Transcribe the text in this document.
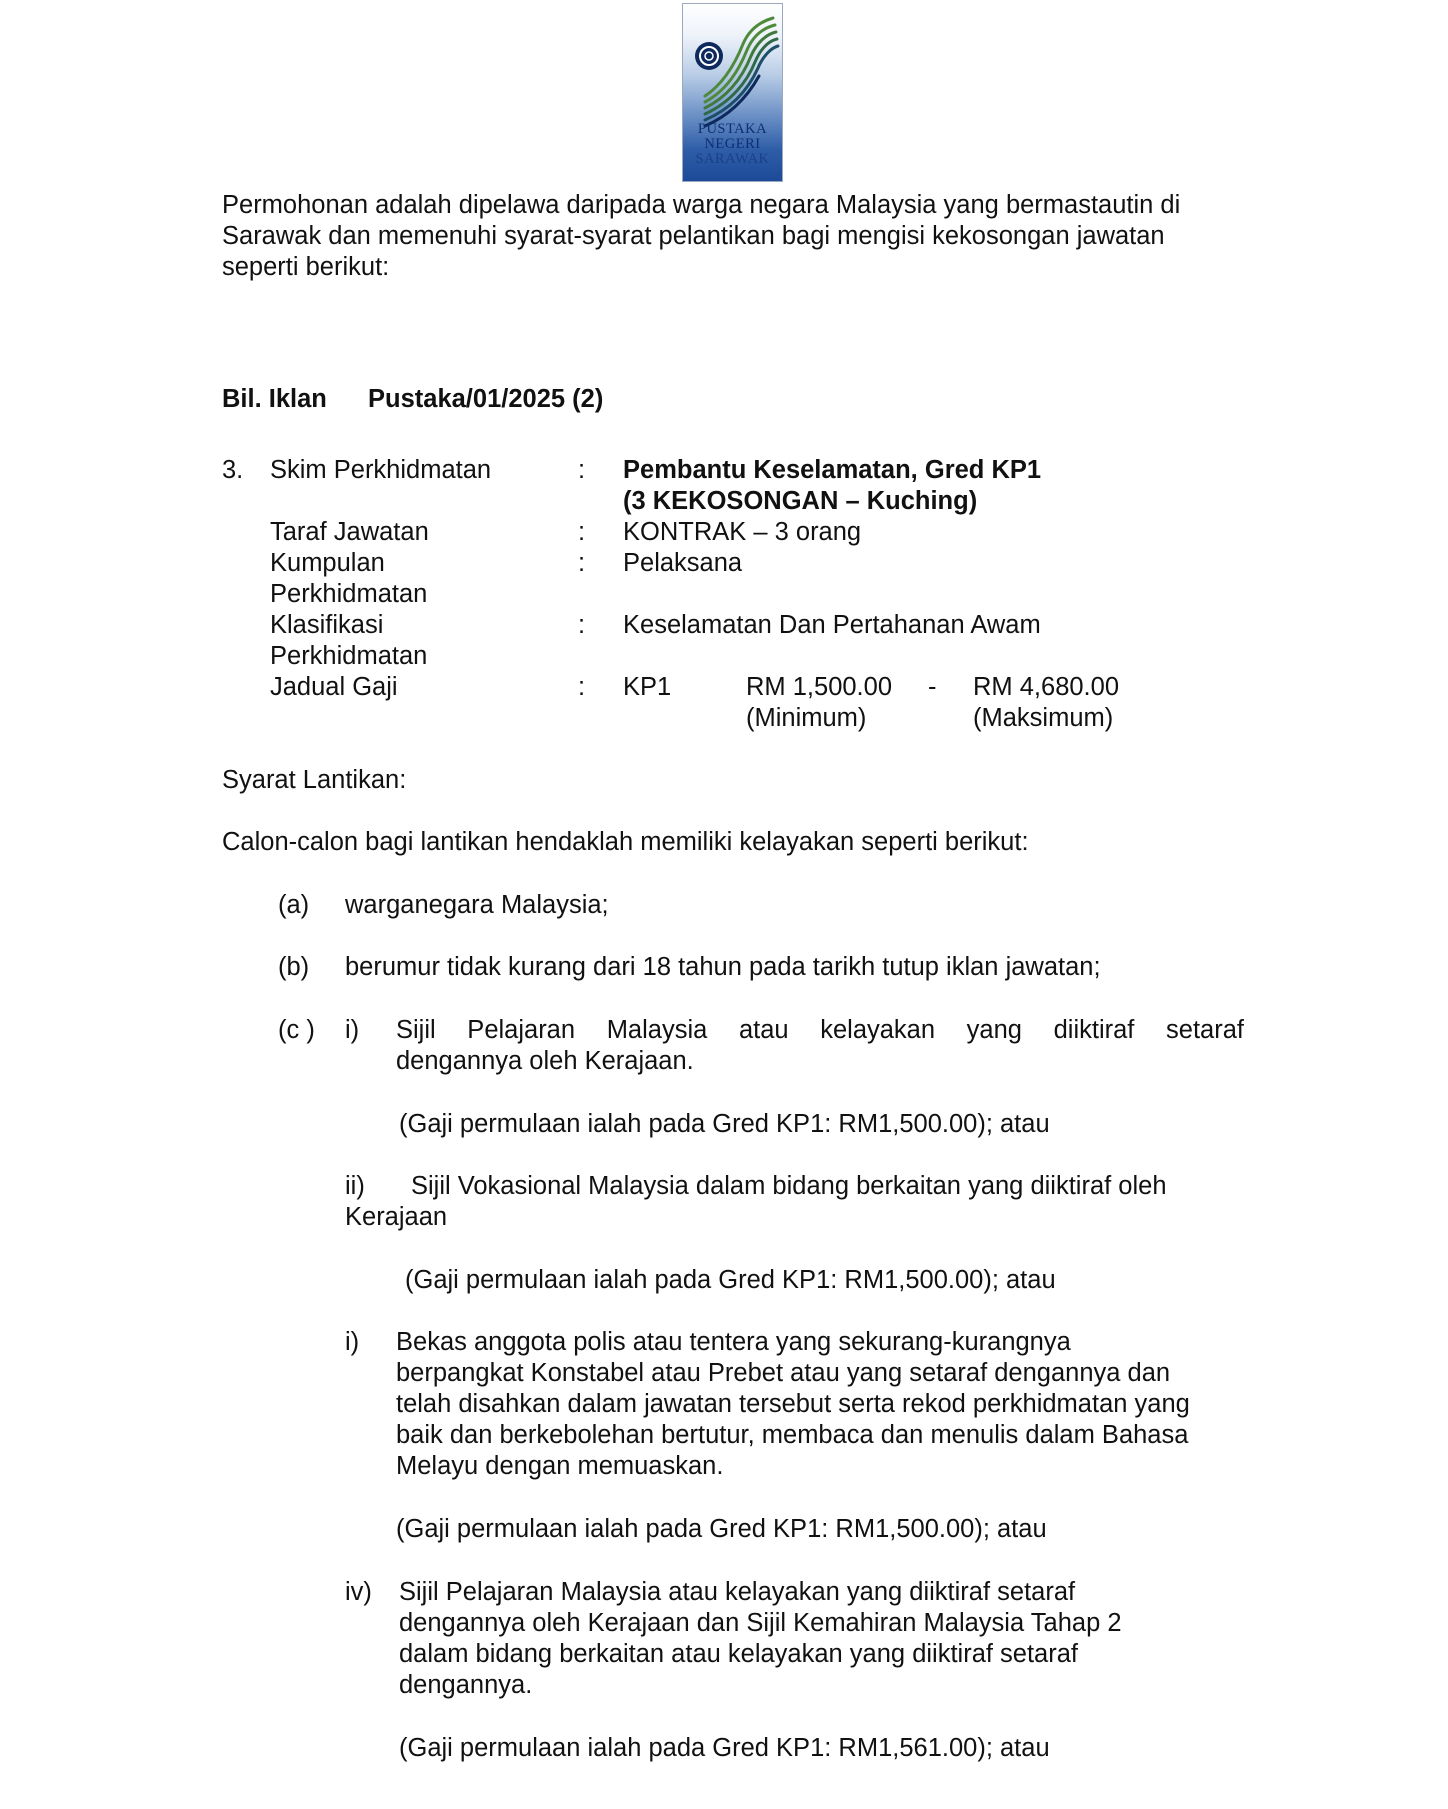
PUSTAKA
NEGERI
SARAWAK
Permohonan adalah dipelawa daripada warga negara Malaysia yang bermastautin di
Sarawak dan memenuhi syarat-syarat pelantikan bagi mengisi kekosongan jawatan
seperti berikut:
Bil. Iklan Pustaka/01/2025 (2)
3. Skim Perkhidmatan	: Pembantu Keselamatan, Gred KP1
(3 KEKOSONGAN – Kuching)
Taraf Jawatan	: KONTRAK – 3 orang
Kumpulan
Perkhidmatan
: Pelaksana
Klasifikasi
Perkhidmatan
: Keselamatan Dan Pertahanan Awam
Jadual Gaji	: KP1	RM 1,500.00
(Minimum)
- RM 4,680.00
(Maksimum)
Syarat Lantikan:
Calon-calon bagi lantikan hendaklah memiliki kelayakan seperti berikut:
(a) warganegara Malaysia;
(b) berumur tidak kurang dari 18 tahun pada tarikh tutup iklan jawatan;
(c ) i) Sijil Pelajaran Malaysia atau kelayakan yang diiktiraf setaraf
dengannya oleh Kerajaan.
(Gaji permulaan ialah pada Gred KP1: RM1,500.00); atau
ii) Sijil Vokasional Malaysia dalam bidang berkaitan yang diiktiraf oleh
Kerajaan
(Gaji permulaan ialah pada Gred KP1: RM1,500.00); atau
i) Bekas anggota polis atau tentera yang sekurang-kurangnya
berpangkat Konstabel atau Prebet atau yang setaraf dengannya dan
telah disahkan dalam jawatan tersebut serta rekod perkhidmatan yang
baik dan berkebolehan bertutur, membaca dan menulis dalam Bahasa
Melayu dengan memuaskan.
(Gaji permulaan ialah pada Gred KP1: RM1,500.00); atau
iv) Sijil Pelajaran Malaysia atau kelayakan yang diiktiraf setaraf
dengannya oleh Kerajaan dan Sijil Kemahiran Malaysia Tahap 2
dalam bidang berkaitan atau kelayakan yang diiktiraf setaraf
dengannya.
(Gaji permulaan ialah pada Gred KP1: RM1,561.00); atau
